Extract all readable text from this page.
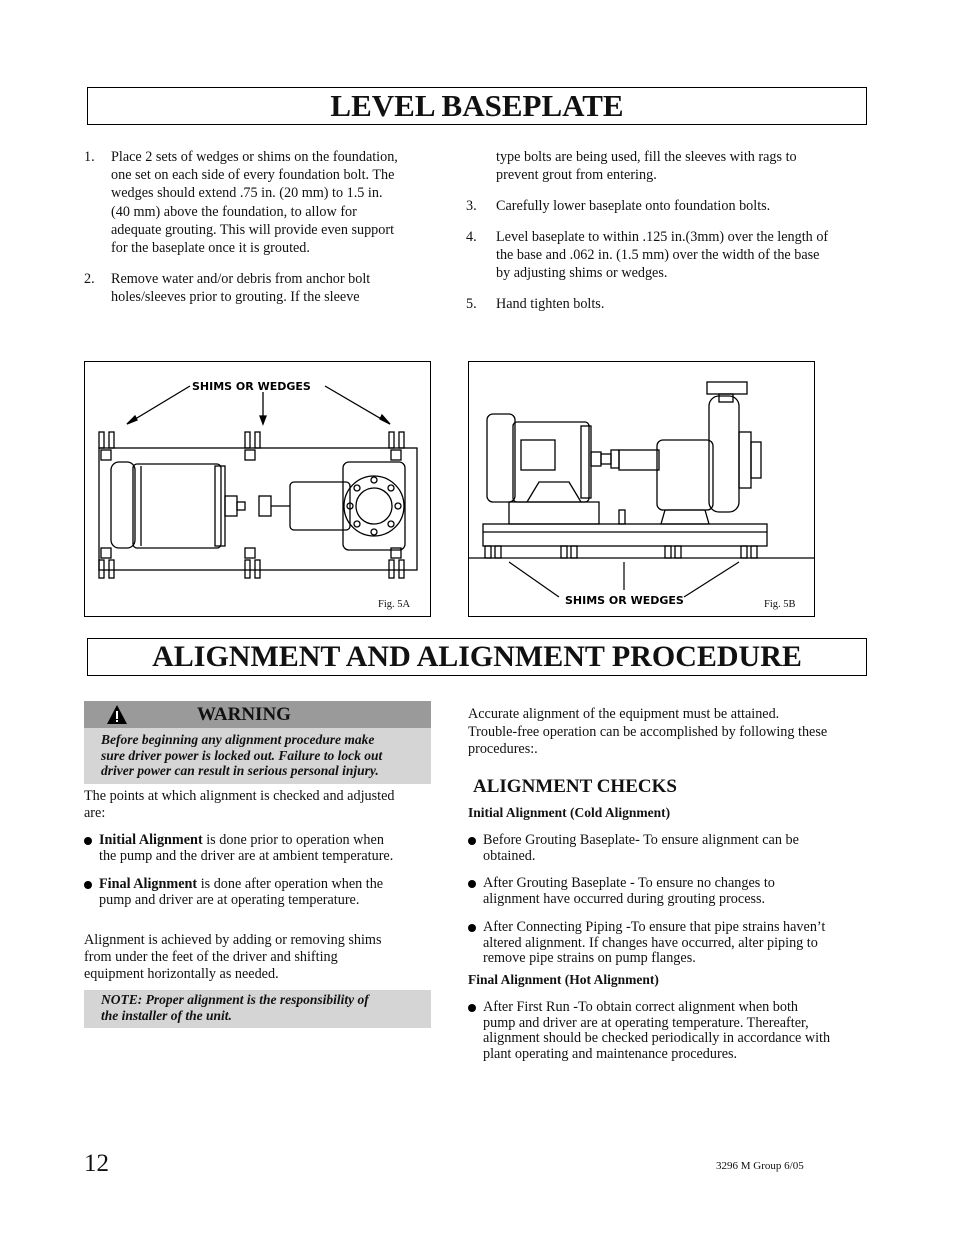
LEVEL BASEPLATE
1. Place 2 sets of wedges or shims on the foundation,
one set on each side of every foundation bolt. The
wedges should extend .75 in. (20 mm) to 1.5 in.
(40 mm) above the foundation, to allow for
adequate grouting. This will provide even support
for the baseplate once it is grouted.
2. Remove water and/or debris from anchor bolt
holes/sleeves prior to grouting. If the sleeve
type bolts are being used, fill the sleeves with rags to
prevent grout from entering.
3. Carefully lower baseplate onto foundation bolts.
4. Level baseplate to within .125 in.(3mm) over the length of
the base and .062 in. (1.5 mm) over the width of the base
by adjusting shims or wedges.
5. Hand tighten bolts.
SHIMS OR WEDGES
Fig. 5A	SHIMS OR WEDGES	Fig. 5B
ALIGNMENT AND ALIGNMENT PROCEDURE
WARNING
Before beginning any alignment procedure make
sure driver power is locked out. Failure to lock out
driver power can result in serious personal injury.
The points at which alignment is checked and adjusted
are:
Initial Alignment is done prior to operation when
the pump and the driver are at ambient temperature.
Final Alignment is done after operation when the
pump and driver are at operating temperature.
Alignment is achieved by adding or removing shims
from under the feet of the driver and shifting
equipment horizontally as needed.
NOTE: Proper alignment is the responsibility of
the installer of the unit.
Accurate alignment of the equipment must be attained.
Trouble-free operation can be accomplished by following these
procedures:.
ALIGNMENT CHECKS
Initial Alignment (Cold Alignment)
Before Grouting Baseplate- To ensure alignment can be
obtained.
After Grouting Baseplate - To ensure no changes to
alignment have occurred during grouting process.
After Connecting Piping -To ensure that pipe strains haven’t
altered alignment. If changes have occurred, alter piping to
remove pipe strains on pump flanges.
Final Alignment (Hot Alignment)
After First Run -To obtain correct alignment when both
pump and driver are at operating temperature. Thereafter,
alignment should be checked periodically in accordance with
plant operating and maintenance procedures.
12	3296 M Group 6/05
